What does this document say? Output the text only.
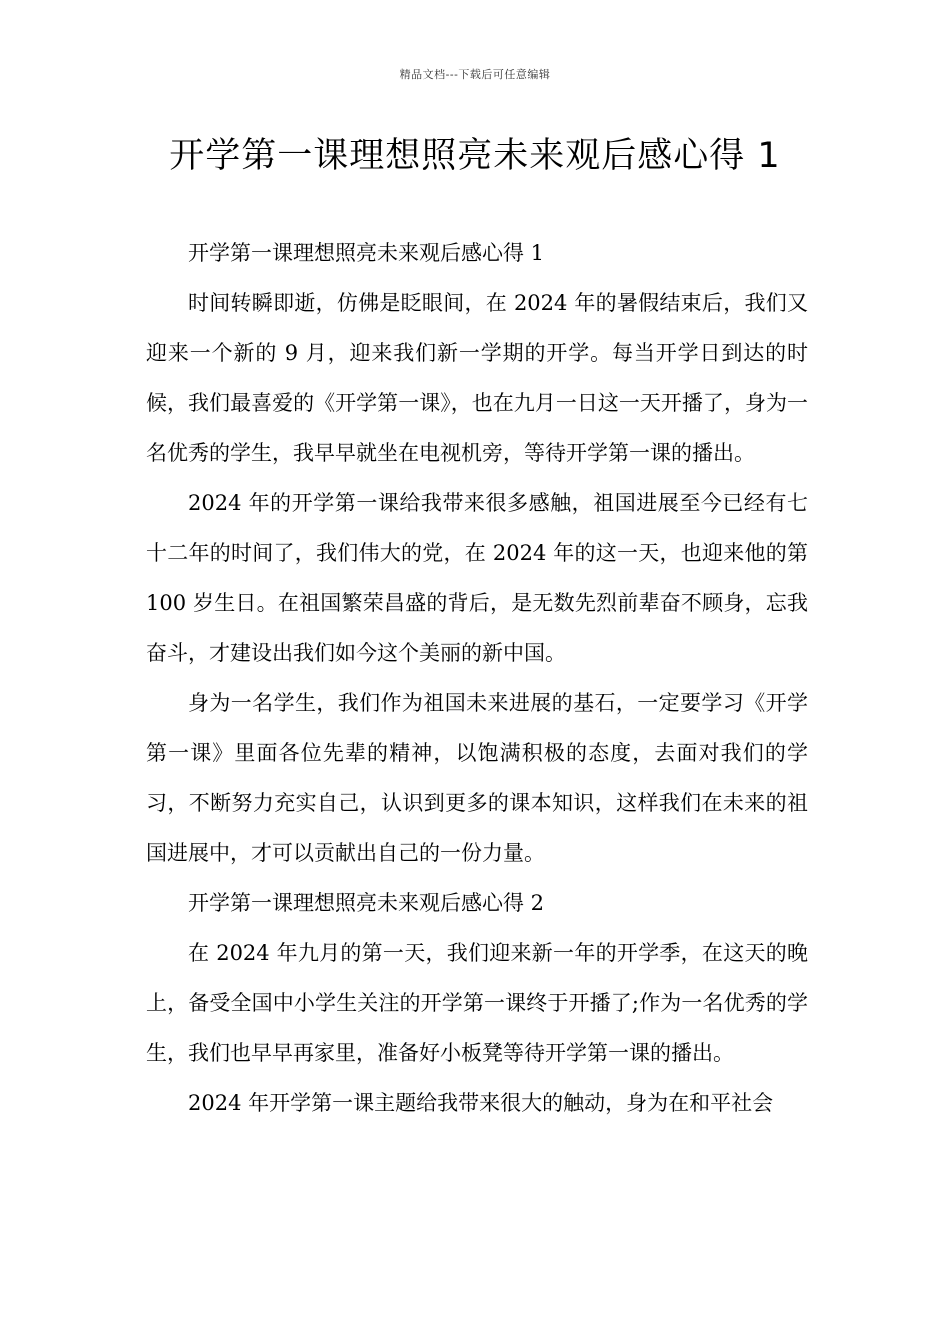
精品文档---下载后可任意编辑
开学第一课理想照亮未来观后感心得 1

开学第一课理想照亮未来观后感心得 1

时间转瞬即逝，仿佛是眨眼间，在 2024 年的暑假结束后，我们又迎来一个新的 9 月，迎来我们新一学期的开学。每当开学日到达的时候，我们最喜爱的《开学第一课》，也在九月一日这一天开播了，身为一名优秀的学生，我早早就坐在电视机旁，等待开学第一课的播出。

2024 年的开学第一课给我带来很多感触，祖国进展至今已经有七十二年的时间了，我们伟大的党，在 2024 年的这一天，也迎来他的第 100 岁生日。在祖国繁荣昌盛的背后，是无数先烈前辈奋不顾身，忘我奋斗，才建设出我们如今这个美丽的新中国。

身为一名学生，我们作为祖国未来进展的基石，一定要学习《开学第一课》里面各位先辈的精神，以饱满积极的态度，去面对我们的学习，不断努力充实自己，认识到更多的课本知识，这样我们在未来的祖国进展中，才可以贡献出自己的一份力量。

开学第一课理想照亮未来观后感心得 2

在 2024 年九月的第一天，我们迎来新一年的开学季，在这天的晚上，备受全国中小学生关注的开学第一课终于开播了;作为一名优秀的学生，我们也早早再家里，准备好小板凳等待开学第一课的播出。

2024 年开学第一课主题给我带来很大的触动，身为在和平社会
